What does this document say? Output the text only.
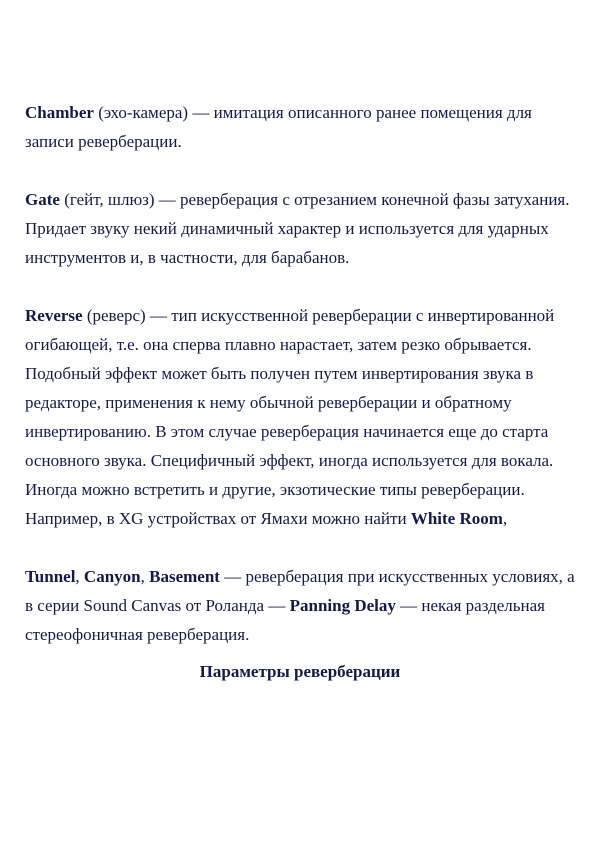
Chamber (эхо-камера) — имитация описанного ранее помещения для записи реверберации.

Gate (гейт, шлюз) — реверберация с отрезанием конечной фазы затухания. Придает звуку некий динамичный характер и используется для ударных инструментов и, в частности, для барабанов.

Reverse (реверс) — тип искусственной реверберации с инвертированной огибающей, т.е. она сперва плавно нарастает, затем резко обрывается. Подобный эффект может быть получен путем инвертирования звука в редакторе, применения к нему обычной реверберации и обратному инвертированию. В этом случае реверберация начинается еще до старта основного звука. Специфичный эффект, иногда используется для вокала. Иногда можно встретить и другие, экзотические типы реверберации. Например, в XG устройствах от Ямахи можно найти White Room,

Tunnel, Canyon, Basement — реверберация при искусственных условиях, а в серии Sound Canvas от Роланда — Panning Delay — некая раздельная стереофоничная реверберация.

Параметры реверберации
